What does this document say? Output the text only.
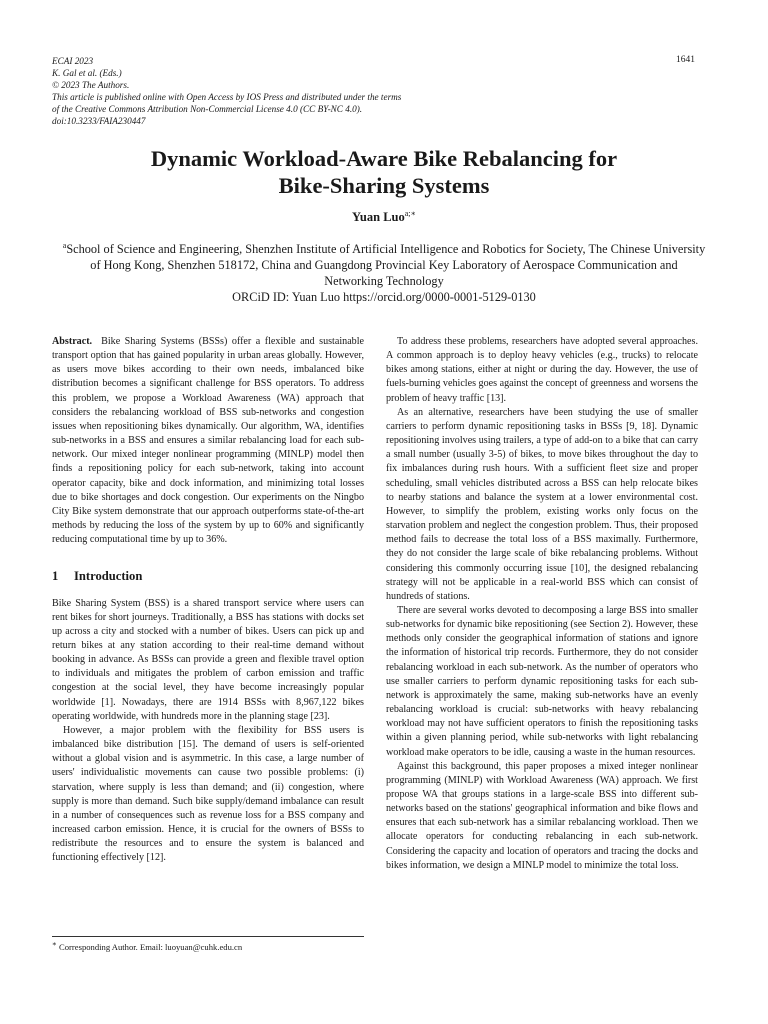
ECAI 2023
K. Gal et al. (Eds.)
© 2023 The Authors.
This article is published online with Open Access by IOS Press and distributed under the terms
of the Creative Commons Attribution Non-Commercial License 4.0 (CC BY-NC 4.0).
doi:10.3233/FAIA230447
1641
Dynamic Workload-Aware Bike Rebalancing for
Bike-Sharing Systems
Yuan Luo$^{a;∗}$
$^a$School of Science and Engineering, Shenzhen Institute of Artificial Intelligence and Robotics for Society, The Chinese University of Hong Kong, Shenzhen 518172, China and Guangdong Provincial Key Laboratory of Aerospace Communication and Networking Technology
ORCiD ID: Yuan Luo https://orcid.org/0000-0001-5129-0130

Abstract. Bike Sharing Systems (BSSs) offer a flexible and sustainable transport option that has gained popularity in urban areas globally. However, as users move bikes according to their own needs, imbalanced bike distribution becomes a significant challenge for BSS operators. To address this problem, we propose a Workload Awareness (WA) approach that considers the rebalancing workload of BSS sub-networks and congestion issues when repositioning bikes dynamically. Our algorithm, WA, identifies sub-networks in a BSS and ensures a similar rebalancing load for each sub-network. Our mixed integer nonlinear programming (MINLP) model then finds a repositioning policy for each sub-network, taking into account operator capacity, bike and dock information, and minimizing total losses due to bike shortages and dock congestion. Our experiments on the Ningbo City Bike system demonstrate that our approach outperforms state-of-the-art methods by reducing the loss of the system by up to 60% and significantly reducing computational time by up to 36%.

1 Introduction

Bike Sharing System (BSS) is a shared transport service where users can rent bikes for short journeys. Traditionally, a BSS has stations with docks set up across a city and stocked with a number of bikes. Users can pick up and return bikes at any station according to their real-time demand without booking in advance. As BSSs can provide a green and flexible travel option to individuals and mitigates the problem of carbon emission and traffic congestion at the social level, they have become increasingly popular worldwide [1]. Nowadays, there are 1914 BSSs with 8,967,122 bikes operating worldwide, with hundreds more in the planning stage [23].

However, a major problem with the flexibility for BSS users is imbalanced bike distribution [15]. The demand of users is self-oriented without a global vision and is asymmetric. In this case, a large number of users' individualistic movements can cause two possible problems: (i) starvation, where supply is less than demand; and (ii) congestion, where supply is more than demand. Such bike supply/demand imbalance can result in a number of consequences such as revenue loss for a BSS company and increased carbon emission. Hence, it is crucial for the owners of BSSs to redistribute the resources and to ensure the system is balanced and functioning effectively [12].

To address these problems, researchers have adopted several approaches. A common approach is to deploy heavy vehicles (e.g., trucks) to relocate bikes among stations, either at night or during the day. However, the use of fuels-burning vehicles goes against the concept of greenness and worsens the problem of heavy traffic [13].

As an alternative, researchers have been studying the use of smaller carriers to perform dynamic repositioning tasks in BSSs [9, 18]. Dynamic repositioning involves using trailers, a type of add-on to a bike that can carry a small number (usually 3-5) of bikes, to move bikes throughout the day to fix imbalances during rush hours. With a sufficient fleet size and proper scheduling, small vehicles distributed across a BSS can help relocate bikes to nearby stations and balance the system at a lower environmental cost. However, to simplify the problem, existing works only focus on the starvation problem and neglect the congestion problem. Thus, their proposed method fails to decrease the total loss of a BSS maximally. Furthermore, they do not consider the large scale of bike rebalancing problems. Without considering this commonly occurring issue [10], the designed rebalancing strategy will not be applicable in a real-world BSS which can consist of hundreds of stations.

There are several works devoted to decomposing a large BSS into smaller sub-networks for dynamic bike repositioning (see Section 2). However, these methods only consider the geographical information of stations and ignore the information of historical trip records. Furthermore, they do not consider rebalancing workload in each sub-network. As the number of operators who use smaller carriers to perform dynamic repositioning tasks for each sub-network is approximately the same, making sub-networks have an evenly rebalancing workload is crucial: sub-networks with heavy rebalancing workload may not have sufficient operators to finish the repositioning tasks within a given planning period, while sub-networks with light rebalancing workload make operators to be idle, causing a waste in the human resources.

Against this background, this paper proposes a mixed integer nonlinear programming (MINLP) with Workload Awareness (WA) approach. We first propose WA that groups stations in a large-scale BSS into different sub-networks based on the stations' geographical information and bike flows and ensures that each sub-network has a similar rebalancing workload. Then we allocate operators for conducting rebalancing in each sub-network. Considering the capacity and location of operators and tracing the docks and bikes information, we design a MINLP model to minimize the total loss.

∗ Corresponding Author. Email: luoyuan@cuhk.edu.cn
